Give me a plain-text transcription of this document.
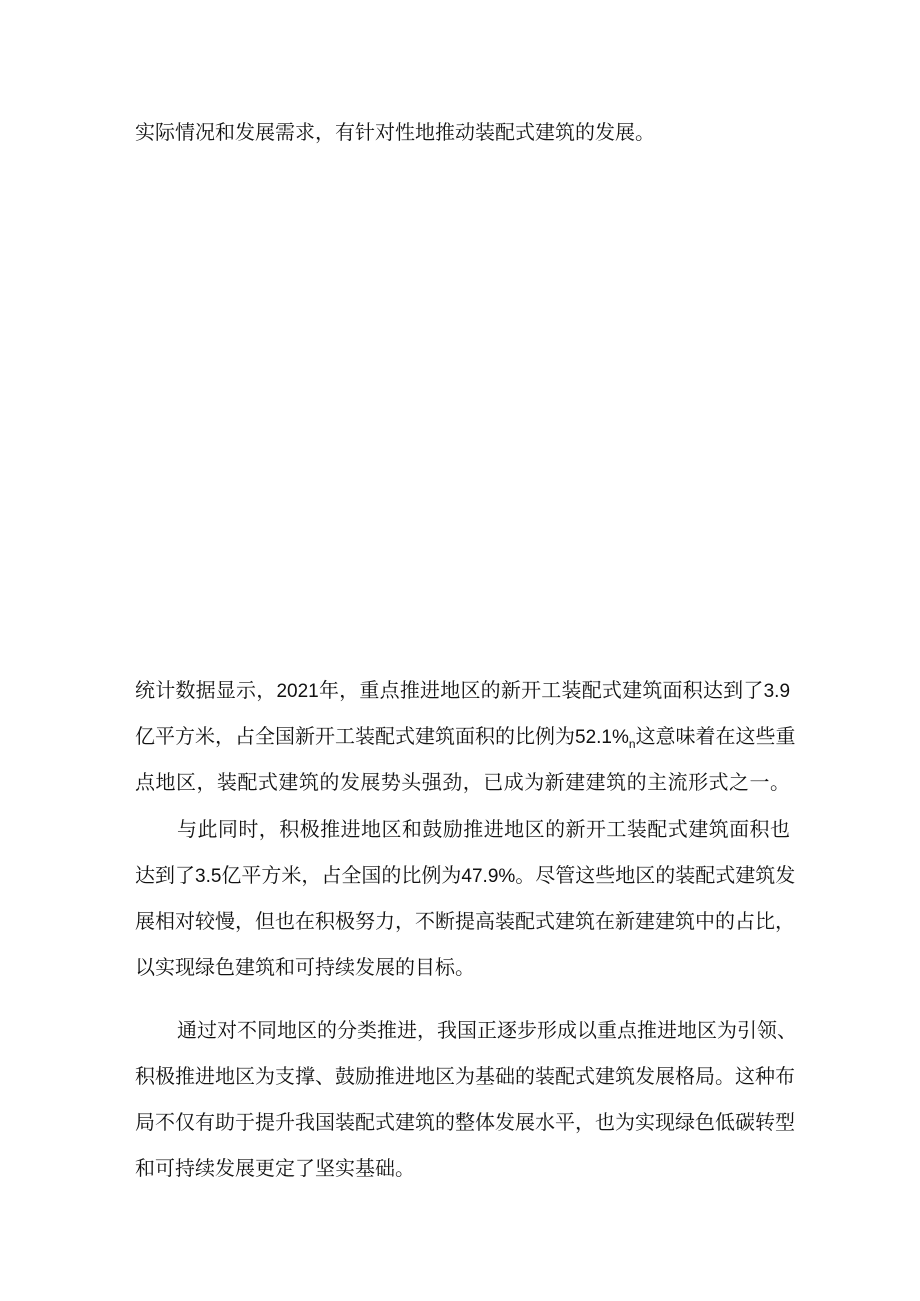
实际情况和发展需求，有针对性地推动装配式建筑的发展。
统计数据显示，2021年，重点推进地区的新开工装配式建筑面积达到了3.9
亿平方米，占全国新开工装配式建筑面积的比例为$52.1\%_n$这意味着在这些重
点地区，装配式建筑的发展势头强劲，已成为新建建筑的主流形式之一。
与此同时，积极推进地区和鼓励推进地区的新开工装配式建筑面积也
达到了3.5亿平方米，占全国的比例为47.9%。尽管这些地区的装配式建筑发
展相对较慢，但也在积极努力，不断提高装配式建筑在新建建筑中的占比，
以实现绿色建筑和可持续发展的目标。
通过对不同地区的分类推进，我国正逐步形成以重点推进地区为引领、
积极推进地区为支撑、鼓励推进地区为基础的装配式建筑发展格局。这种布
局不仅有助于提升我国装配式建筑的整体发展水平，也为实现绿色低碳转型
和可持续发展更定了坚实基础。
